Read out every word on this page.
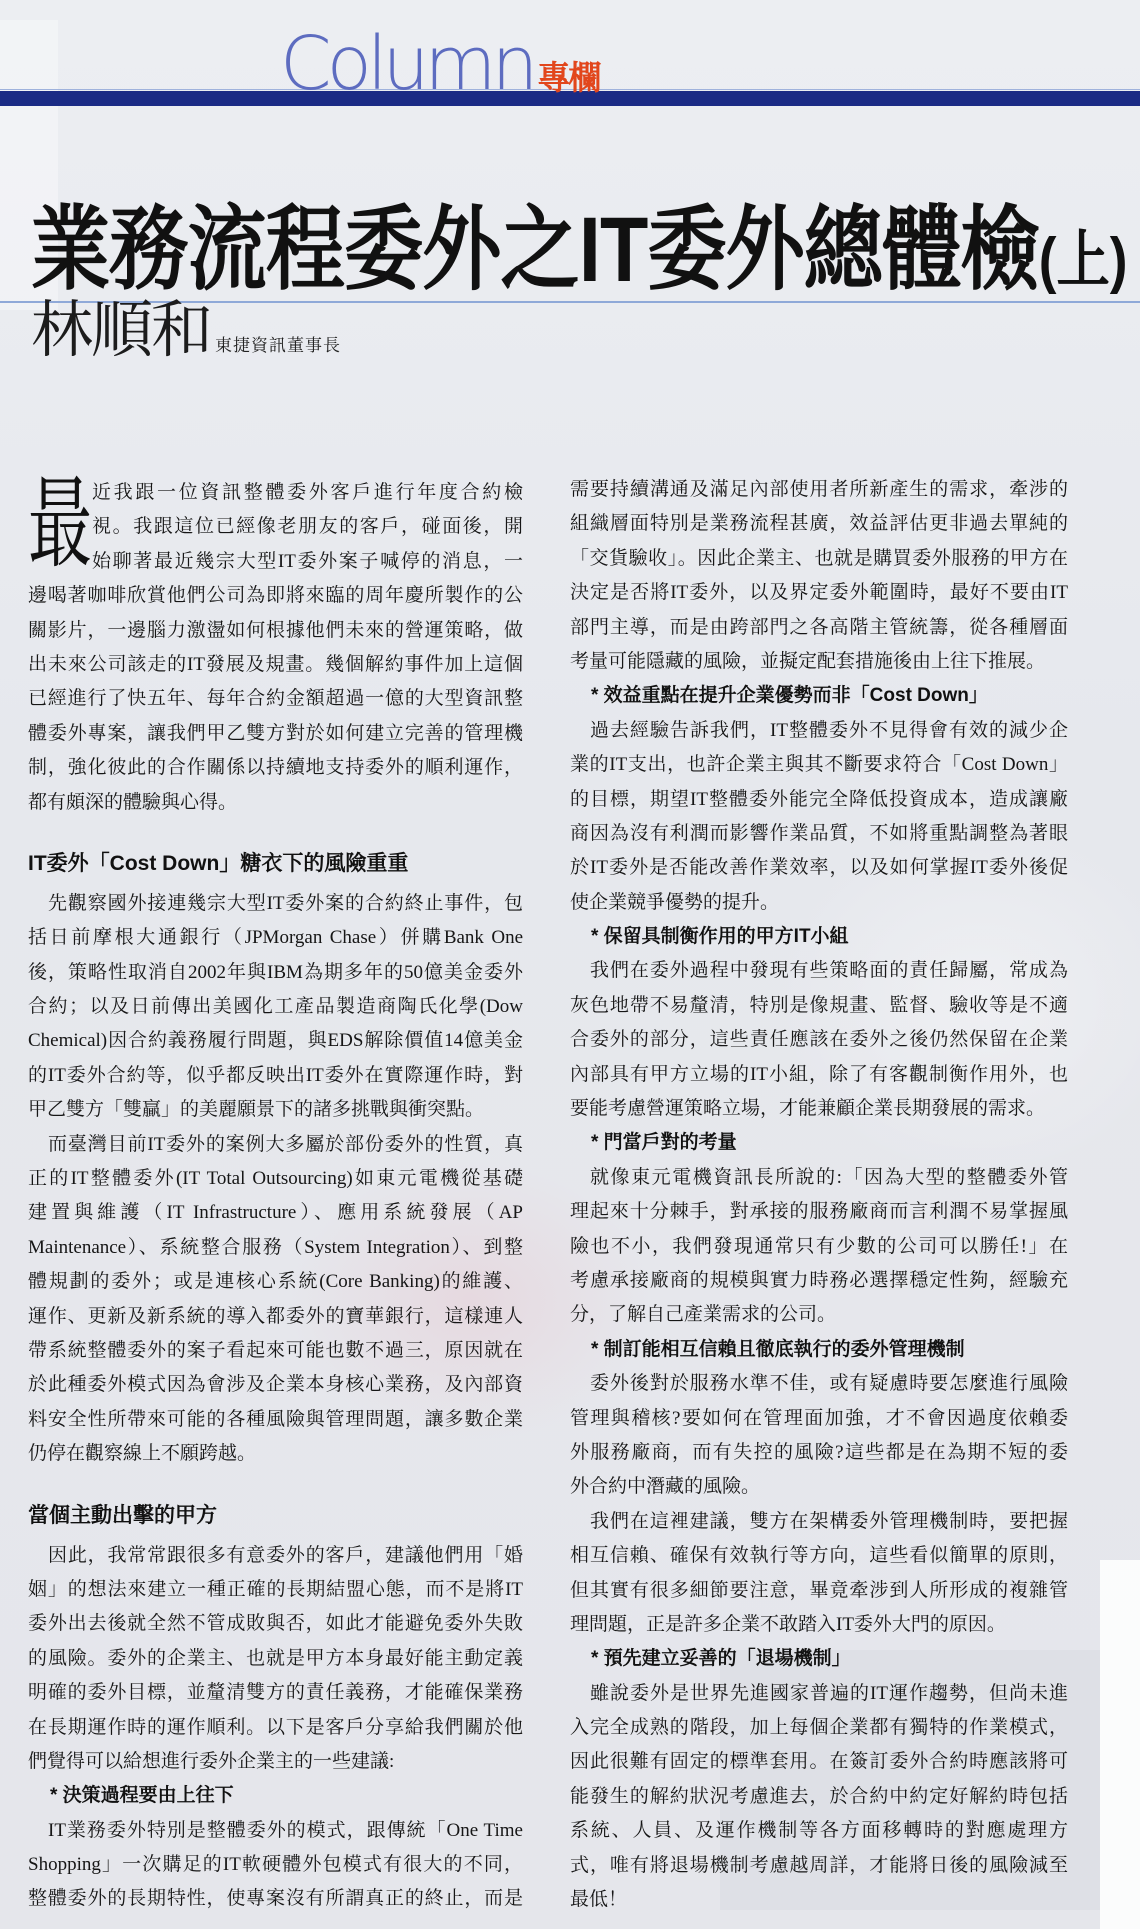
Column 專欄
業務流程委外之IT委外總體檢(上)
林順和 東捷資訊董事長
最 近我跟一位資訊整體委外客戶進行年度合約檢
視。我跟這位已經像老朋友的客戶，碰面後，開
始聊著最近幾宗大型IT委外案子喊停的消息，一
邊喝著咖啡欣賞他們公司為即將來臨的周年慶所製作的公
關影片，一邊腦力激盪如何根據他們未來的營運策略，做
出未來公司該走的IT發展及規畫。幾個解約事件加上這個
已經進行了快五年、每年合約金額超過一億的大型資訊整
體委外專案，讓我們甲乙雙方對於如何建立完善的管理機
制，強化彼此的合作關係以持續地支持委外的順利運作，
都有頗深的體驗與心得。
IT委外「Cost Down」糖衣下的風險重重
先觀察國外接連幾宗大型IT委外案的合約終止事件，包
括日前摩根大通銀行（JPMorgan Chase）併購Bank One
後，策略性取消自2002年與IBM為期多年的50億美金委外
合約；以及日前傳出美國化工產品製造商陶氏化學(Dow
Chemical)因合約義務履行問題，與EDS解除價值14億美金
的IT委外合約等，似乎都反映出IT委外在實際運作時，對
甲乙雙方「雙贏」的美麗願景下的諸多挑戰與衝突點。
而臺灣目前IT委外的案例大多屬於部份委外的性質，真
正的IT整體委外(IT Total Outsourcing)如東元電機從基礎
建置與維護（IT Infrastructure）、應用系統發展（AP
Maintenance）、系統整合服務（System Integration）、到整
體規劃的委外；或是連核心系統(Core Banking)的維護、
運作、更新及新系統的導入都委外的寶華銀行，這樣連人
帶系統整體委外的案子看起來可能也數不過三，原因就在
於此種委外模式因為會涉及企業本身核心業務，及內部資
料安全性所帶來可能的各種風險與管理問題，讓多數企業
仍停在觀察線上不願跨越。
當個主動出擊的甲方
因此，我常常跟很多有意委外的客戶，建議他們用「婚
姻」的想法來建立一種正確的長期結盟心態，而不是將IT
委外出去後就全然不管成敗與否，如此才能避免委外失敗
的風險。委外的企業主、也就是甲方本身最好能主動定義
明確的委外目標，並釐清雙方的責任義務，才能確保業務
在長期運作時的運作順利。以下是客戶分享給我們關於他
們覺得可以給想進行委外企業主的一些建議:
* 決策過程要由上往下
IT業務委外特別是整體委外的模式，跟傳統「One Time
Shopping」一次購足的IT軟硬體外包模式有很大的不同，
整體委外的長期特性，使專案沒有所謂真正的終止，而是
需要持續溝通及滿足內部使用者所新產生的需求，牽涉的
組織層面特別是業務流程甚廣，效益評估更非過去單純的
「交貨驗收」。因此企業主、也就是購買委外服務的甲方在
決定是否將IT委外，以及界定委外範圍時，最好不要由IT
部門主導，而是由跨部門之各高階主管統籌，從各種層面
考量可能隱藏的風險，並擬定配套措施後由上往下推展。
* 效益重點在提升企業優勢而非「Cost Down」
過去經驗告訴我們，IT整體委外不見得會有效的減少企
業的IT支出，也許企業主與其不斷要求符合「Cost Down」
的目標，期望IT整體委外能完全降低投資成本，造成讓廠
商因為沒有利潤而影響作業品質，不如將重點調整為著眼
於IT委外是否能改善作業效率，以及如何掌握IT委外後促
使企業競爭優勢的提升。
* 保留具制衡作用的甲方IT小組
我們在委外過程中發現有些策略面的責任歸屬，常成為
灰色地帶不易釐清，特別是像規畫、監督、驗收等是不適
合委外的部分，這些責任應該在委外之後仍然保留在企業
內部具有甲方立場的IT小組，除了有客觀制衡作用外，也
要能考慮營運策略立場，才能兼顧企業長期發展的需求。
* 門當戶對的考量
就像東元電機資訊長所說的:「因為大型的整體委外管
理起來十分棘手，對承接的服務廠商而言利潤不易掌握風
險也不小，我們發現通常只有少數的公司可以勝任!」在
考慮承接廠商的規模與實力時務必選擇穩定性夠，經驗充
分，了解自己產業需求的公司。
* 制訂能相互信賴且徹底執行的委外管理機制
委外後對於服務水準不佳，或有疑慮時要怎麼進行風險
管理與稽核?要如何在管理面加強，才不會因過度依賴委
外服務廠商，而有失控的風險?這些都是在為期不短的委
外合約中潛藏的風險。
我們在這裡建議，雙方在架構委外管理機制時，要把握
相互信賴、確保有效執行等方向，這些看似簡單的原則，
但其實有很多細節要注意，畢竟牽涉到人所形成的複雜管
理問題，正是許多企業不敢踏入IT委外大門的原因。
* 預先建立妥善的「退場機制」
雖說委外是世界先進國家普遍的IT運作趨勢，但尚未進
入完全成熟的階段，加上每個企業都有獨特的作業模式，
因此很難有固定的標準套用。在簽訂委外合約時應該將可
能發生的解約狀況考慮進去，於合約中約定好解約時包括
系統、人員、及運作機制等各方面移轉時的對應處理方
式，唯有將退場機制考慮越周詳，才能將日後的風險減至
最低！
